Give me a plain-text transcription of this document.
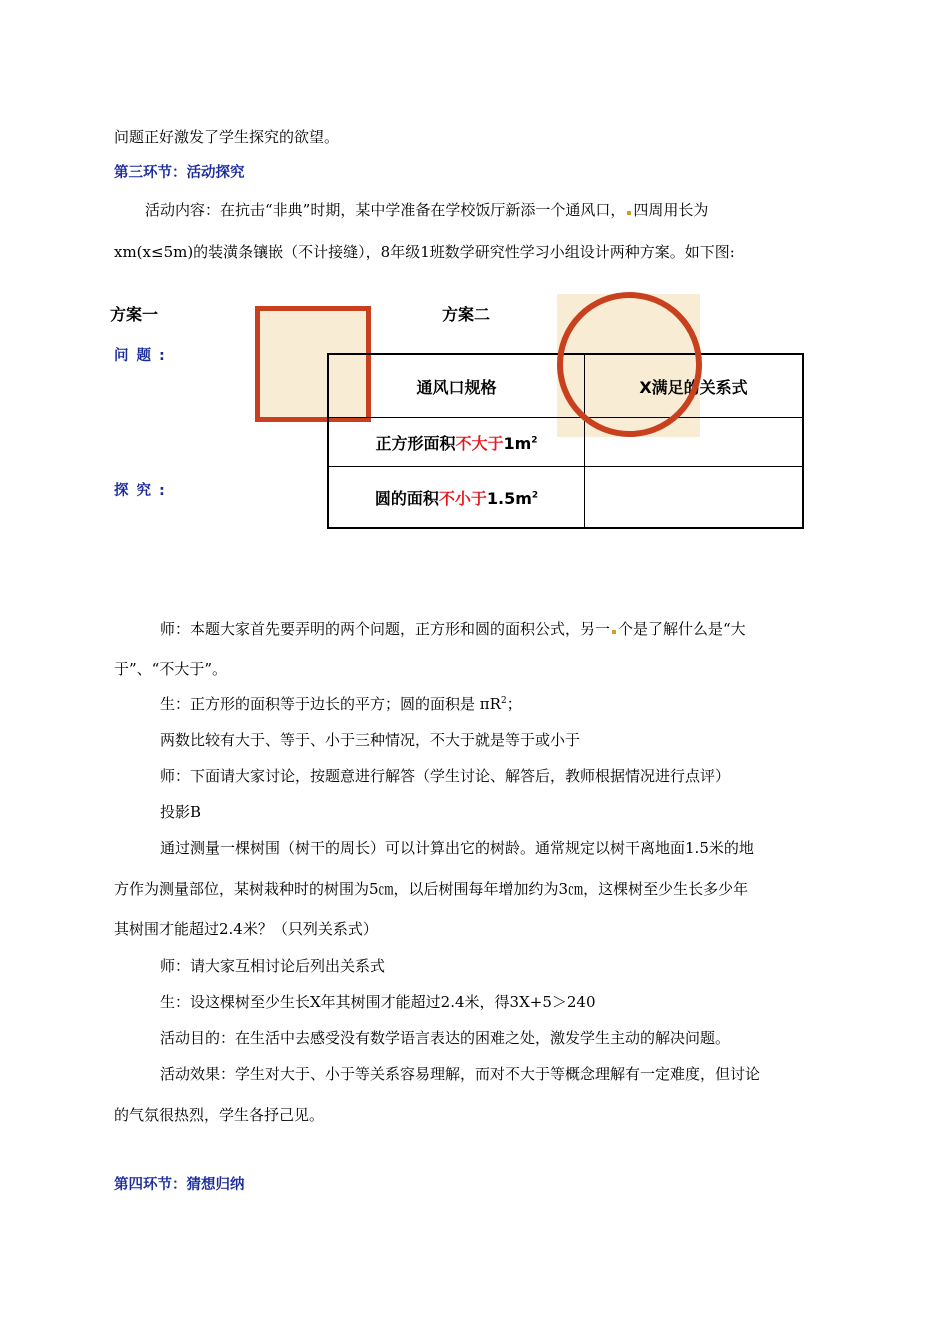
问题正好激发了学生探究的欲望。
第三环节：活动探究
活动内容：在抗击“非典”时期，某中学准备在学校饭厅新添一个通风口， 四周用长为
xm(x≤5m)的装潢条镶嵌（不计接缝），8年级1班数学研究性学习小组设计两种方案。如下图:
方案一	方案二
问题:
探究:
通风口规格	X满足的关系式
正方形面积不大于$1m^2$	
圆的面积不小于$1.5m^2$	
师：本题大家首先要弄明的两个问题，正方形和圆的面积公式，另一 个是了解什么是“大
于”、“不大于”。
生：正方形的面积等于边长的平方；圆的面积是 $\pi R^2$；
两数比较有大于、等于、小于三种情况，不大于就是等于或小于
师：下面请大家讨论，按题意进行解答（学生讨论、解答后，教师根据情况进行点评）
投影B
通过测量一棵树围（树干的周长）可以计算出它的树龄。通常规定以树干离地面1.5米的地
方作为测量部位，某树栽种时的树围为5㎝，以后树围每年增加约为3㎝，这棵树至少生长多少年
其树围才能超过2.4米？（只列关系式）
师：请大家互相讨论后列出关系式
生：设这棵树至少生长X年其树围才能超过2.4米，得3X+5＞240
活动目的：在生活中去感受没有数学语言表达的困难之处，激发学生主动的解决问题。
活动效果：学生对大于、小于等关系容易理解，而对不大于等概念理解有一定难度，但讨论
的气氛很热烈，学生各抒己见。
第四环节：猜想归纳
